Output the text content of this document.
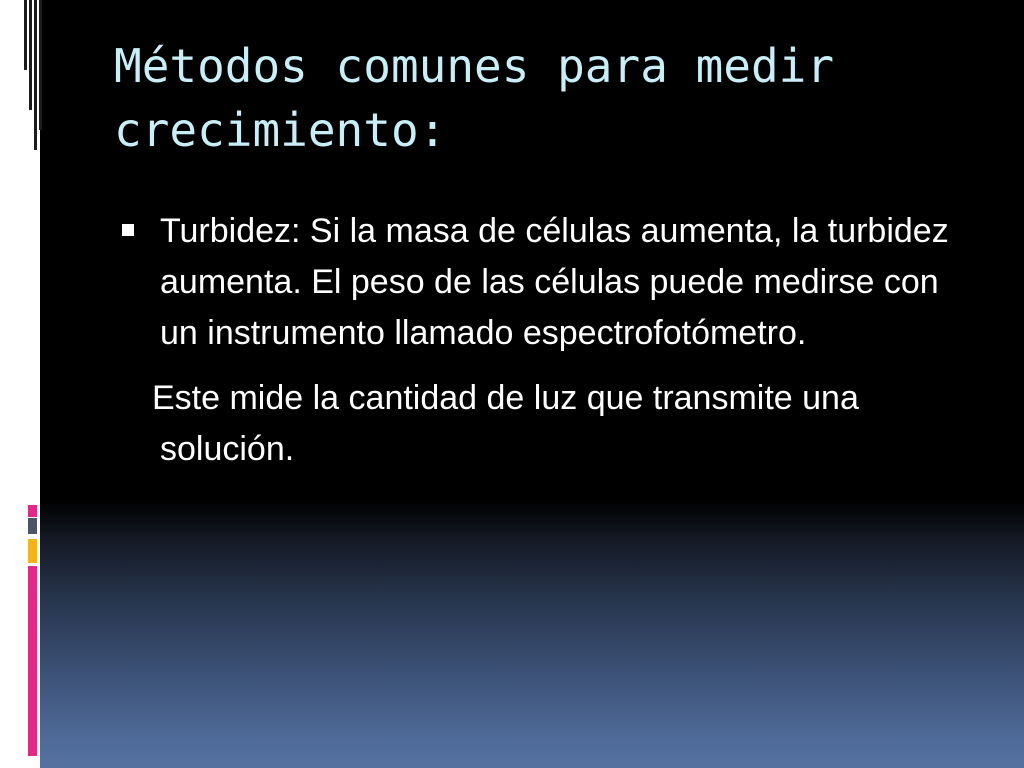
Métodos comunes para medir crecimiento:

Turbidez: Si la masa de células aumenta, la turbidez aumenta. El peso de las células puede medirse con un instrumento llamado espectrofotómetro.

Este mide la cantidad de luz que transmite una solución.
